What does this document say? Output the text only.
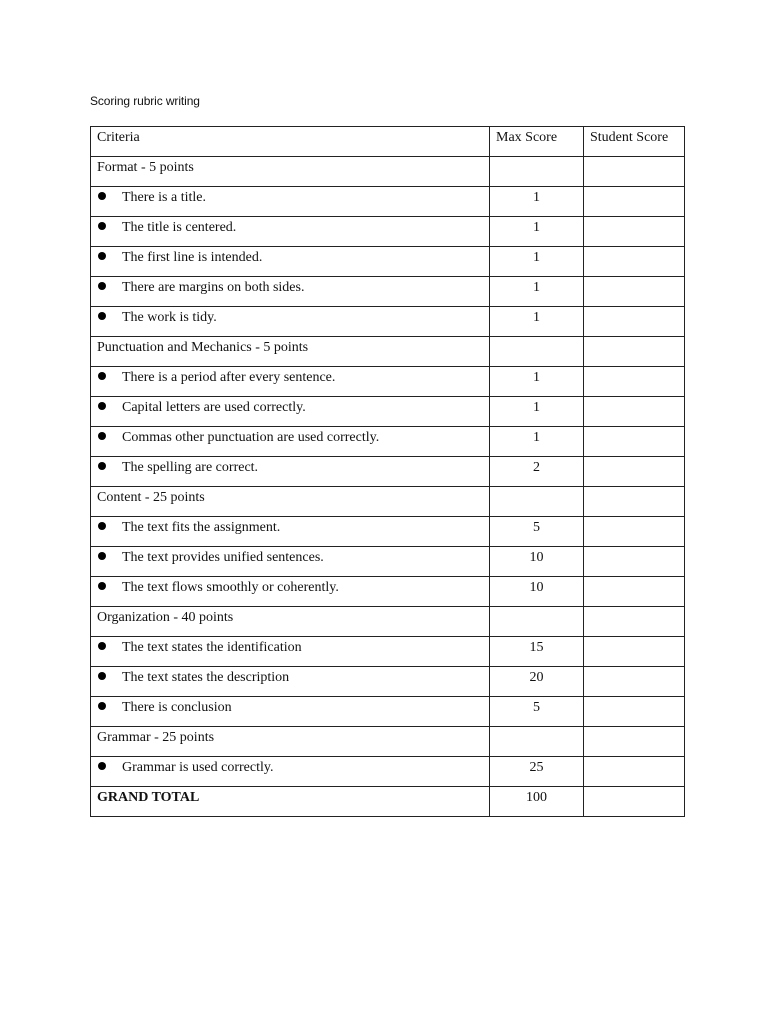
Scoring rubric writing
Criteria	Max Score	Student Score
Format - 5 points		
There is a title.	1	
The title is centered.	1	
The first line is intended.	1	
There are margins on both sides.	1	
The work is tidy.	1	
Punctuation and Mechanics - 5 points		
There is a period after every sentence.	1	
Capital letters are used correctly.	1	
Commas other punctuation are used correctly.	1	
The spelling are correct.	2	
Content - 25 points		
The text fits the assignment.	5	
The text provides unified sentences.	10	
The text flows smoothly or coherently.	10	
Organization - 40 points		
The text states the identification	15	
The text states the description	20	
There is conclusion	5	
Grammar - 25 points		
Grammar is used correctly.	25	
GRAND TOTAL	100	
